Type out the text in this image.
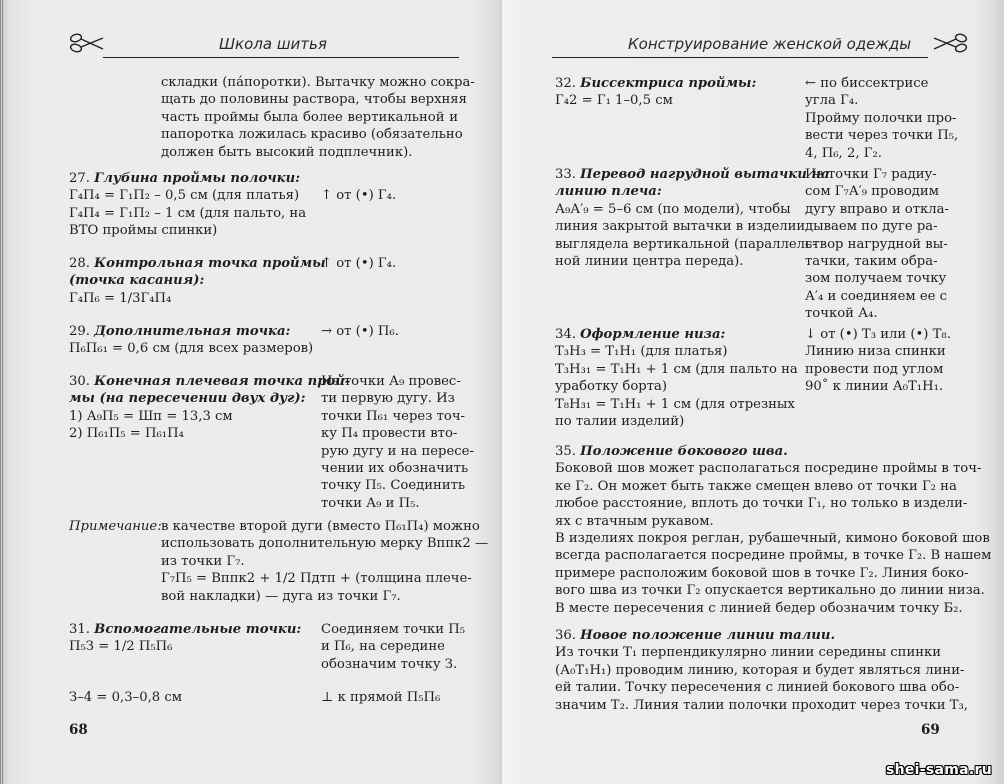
Школа шитья
складки (па́поротки). Вытачку можно сокра-
щать до половины раствора, чтобы верхняя
часть проймы была более вертикальной и
папоротка ложилась красиво (обязательно
должен быть высокий подплечник).
27. Глубина проймы полочки:
Г₄П₄ = Г₁П₂ – 0,5 см (для платья)
Г₄П₄ = Г₁П₂ – 1 см (для пальто, на
ВТО проймы спинки)
↑ от (•) Г₄.
28. Контрольная точка проймы
(точка касания):
Г₄П₆ = 1/3Г₄П₄
↑ от (•) Г₄.
29. Дополнительная точка:
П₆П₆₁ = 0,6 см (для всех размеров)
→ от (•) П₆.
30. Конечная плечевая точка прой-
мы (на пересечении двух дуг):
1) А₉П₅ = Шп = 13,3 см
2) П₆₁П₅ = П₆₁П₄
Из точки А₉ провес-
ти первую дугу. Из
точки П₆₁ через точ-
ку П₄ провести вто-
рую дугу и на пересе-
чении их обозначить
точку П₅. Соединить
точки А₉ и П₅.
Примечание: в качестве второй дуги (вместо П₆₁П₄) можно
использовать дополнительную мерку Вппк2 —
из точки Г₇.
Г₇П₅ = Вппк2 + 1/2 Пдтп + (толщина плече-
вой накладки) — дуга из точки Г₇.
31. Вспомогательные точки:
П₅З = 1/2 П₅П₆
Соединяем точки П₅
и П₆, на середине
обозначим точку З.
З–4 = 0,3–0,8 см	⊥ к прямой П₅П₆
68
Конструирование женской одежды
32. Биссектриса проймы:
Г₄2 = Г₁ 1–0,5 см
← по биссектрисе
угла Г₄.
Пройму полочки про-
вести через точки П₅,
4, П₆, 2, Г₂.
33. Перевод нагрудной вытачки на
линию плеча:
А₉А′₉ = 5–6 см (по модели), чтобы
линия закрытой вытачки в изделии
выглядела вертикальной (параллель-
ной линии центра переда).
Из точки Г₇ радиу-
сом Г₇А′₉ проводим
дугу вправо и откла-
дываем по дуге ра-
створ нагрудной вы-
тачки, таким обра-
зом получаем точку
А′₄ и соединяем ее с
точкой А₄.
34. Оформление низа:
Т₃Н₃ = Т₁Н₁ (для платья)
Т₃Н₃₁ = Т₁Н₁ + 1 см (для пальто на
уработку борта)
Т₈Н₃₁ = Т₁Н₁ + 1 см (для отрезных
по талии изделий)
↓ от (•) Т₃ или (•) Т₈.
Линию низа спинки
провести под углом
90˚ к линии А₀Т₁Н₁.
35. Положение бокового шва.
Боковой шов может располагаться посредине проймы в точ-
ке Г₂. Он может быть также смещен влево от точки Г₂ на
любое расстояние, вплоть до точки Г₁, но только в издели-
ях с втачным рукавом.
В изделиях покроя реглан, рубашечный, кимоно боковой шов
всегда располагается посредине проймы, в точке Г₂. В нашем
примере расположим боковой шов в точке Г₂. Линия боко-
вого шва из точки Г₂ опускается вертикально до линии низа.
В месте пересечения с линией бедер обозначим точку Б₂.
36. Новое положение линии талии.
Из точки Т₁ перпендикулярно линии середины спинки
(А₀Т₁Н₁) проводим линию, которая и будет являться лини-
ей талии. Точку пересечения с линией бокового шва обо-
значим Т₂. Линия талии полочки проходит через точки Т₃,
69
shei-sama.ru
